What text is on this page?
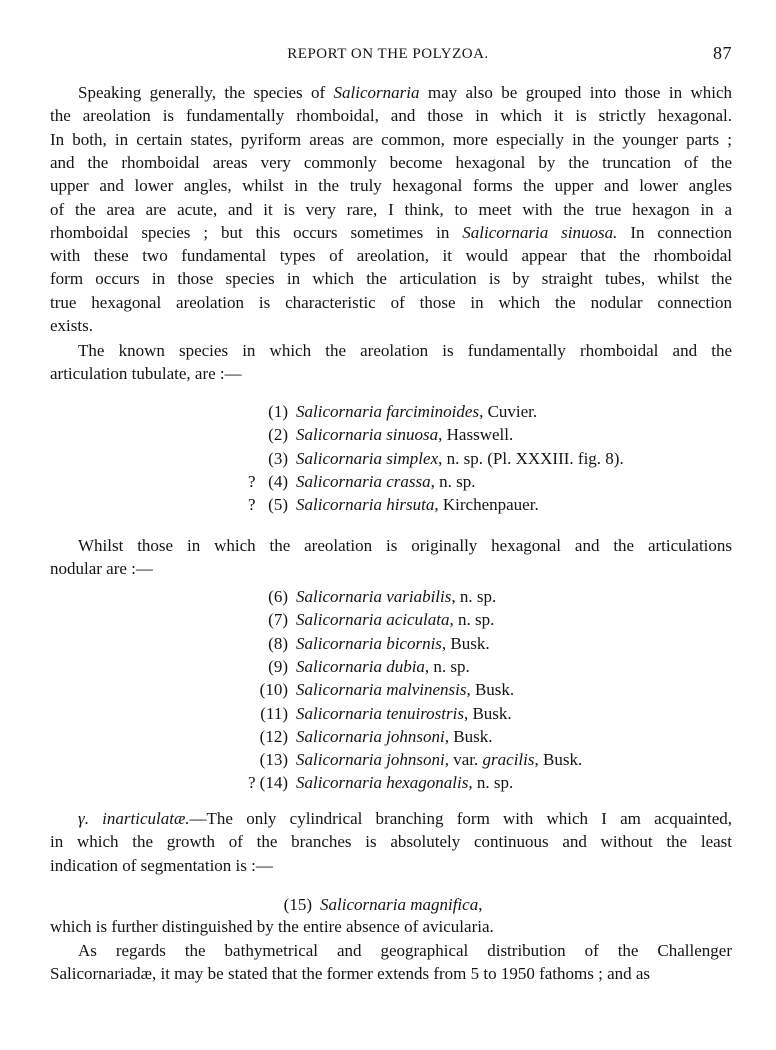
REPORT ON THE POLYZOA.	87
Speaking generally, the species of Salicornaria may also be grouped into those in which
the areolation is fundamentally rhomboidal, and those in which it is strictly hexagonal.
In both, in certain states, pyriform areas are common, more especially in the younger parts ;
and the rhomboidal areas very commonly become hexagonal by the truncation of the
upper and lower angles, whilst in the truly hexagonal forms the upper and lower angles
of the area are acute, and it is very rare, I think, to meet with the true hexagon in a
rhomboidal species ; but this occurs sometimes in Salicornaria sinuosa. In connection
with these two fundamental types of areolation, it would appear that the rhomboidal
form occurs in those species in which the articulation is by straight tubes, whilst the
true hexagonal areolation is characteristic of those in which the nodular connection
exists.
The known species in which the areolation is fundamentally rhomboidal and the
articulation tubulate, are :—
(1) Salicornaria farciminoides, Cuvier.
(2) Salicornaria sinuosa, Hasswell.
(3) Salicornaria simplex, n. sp. (Pl. XXXIII. fig. 8).
? (4) Salicornaria crassa, n. sp.
? (5) Salicornaria hirsuta, Kirchenpauer.
Whilst those in which the areolation is originally hexagonal and the articulations
nodular are :—
(6) Salicornaria variabilis, n. sp.
(7) Salicornaria aciculata, n. sp.
(8) Salicornaria bicornis, Busk.
(9) Salicornaria dubia, n. sp.
(10) Salicornaria malvinensis, Busk.
(11) Salicornaria tenuirostris, Busk.
(12) Salicornaria johnsoni, Busk.
(13) Salicornaria johnsoni, var. gracilis, Busk.
? (14) Salicornaria hexagonalis, n. sp.
γ. inarticulatæ.—The only cylindrical branching form with which I am acquainted,
in which the growth of the branches is absolutely continuous and without the least
indication of segmentation is :—
(15) Salicornaria magnifica,
which is further distinguished by the entire absence of avicularia.
As regards the bathymetrical and geographical distribution of the Challenger
Salicornariadæ, it may be stated that the former extends from 5 to 1950 fathoms ; and as
